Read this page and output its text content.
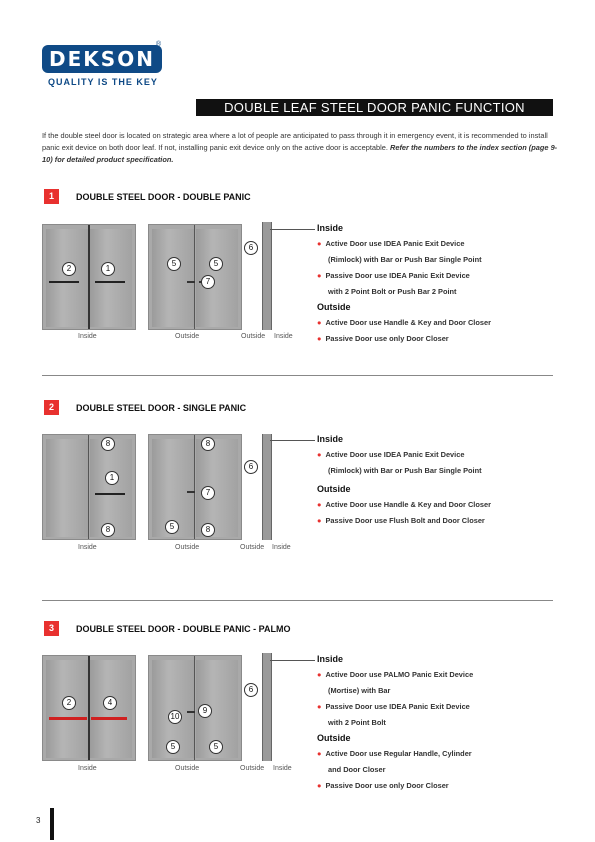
DEKSON
®
QUALITY IS THE KEY
DOUBLE LEAF STEEL DOOR PANIC FUNCTION
If the double steel door is located on strategic area where a lot of people are anticipated to pass through it in emergency event, it is recommended to install panic exit device on both door leaf. If not, installing panic exit device only on the active door is acceptable. Refer the numbers to the index section (page 9-10) for detailed product specification.
1	DOUBLE STEEL DOOR - DOUBLE PANIC
2	1
5	5
7
6
Inside	Outside	Outside Inside
Inside
● Active Door use IDEA Panic Exit Device
(Rimlock) with Bar or Push Bar Single Point
● Passive Door use IDEA Panic Exit Device
with 2 Point Bolt or Push Bar 2 Point
Outside
● Active Door use Handle & Key and Door Closer
● Passive Door use only Door Closer
2	DOUBLE STEEL DOOR - SINGLE PANIC
8
1
8
8
6
7
5	8
Inside	Outside	Outside Inside
Inside
● Active Door use IDEA Panic Exit Device
(Rimlock) with Bar or Push Bar Single Point
Outside
● Active Door use Handle & Key and Door Closer
● Passive Door use Flush Bolt and Door Closer
3	DOUBLE STEEL DOOR - DOUBLE PANIC - PALMO
2	4
6
10
9
5	5
Inside	Outside	Outside Inside
Inside
● Active Door use PALMO Panic Exit Device
(Mortise) with Bar
● Passive Door use IDEA Panic Exit Device
with 2 Point Bolt
Outside
● Active Door use Regular Handle, Cylinder
and Door Closer
● Passive Door use only Door Closer
3
